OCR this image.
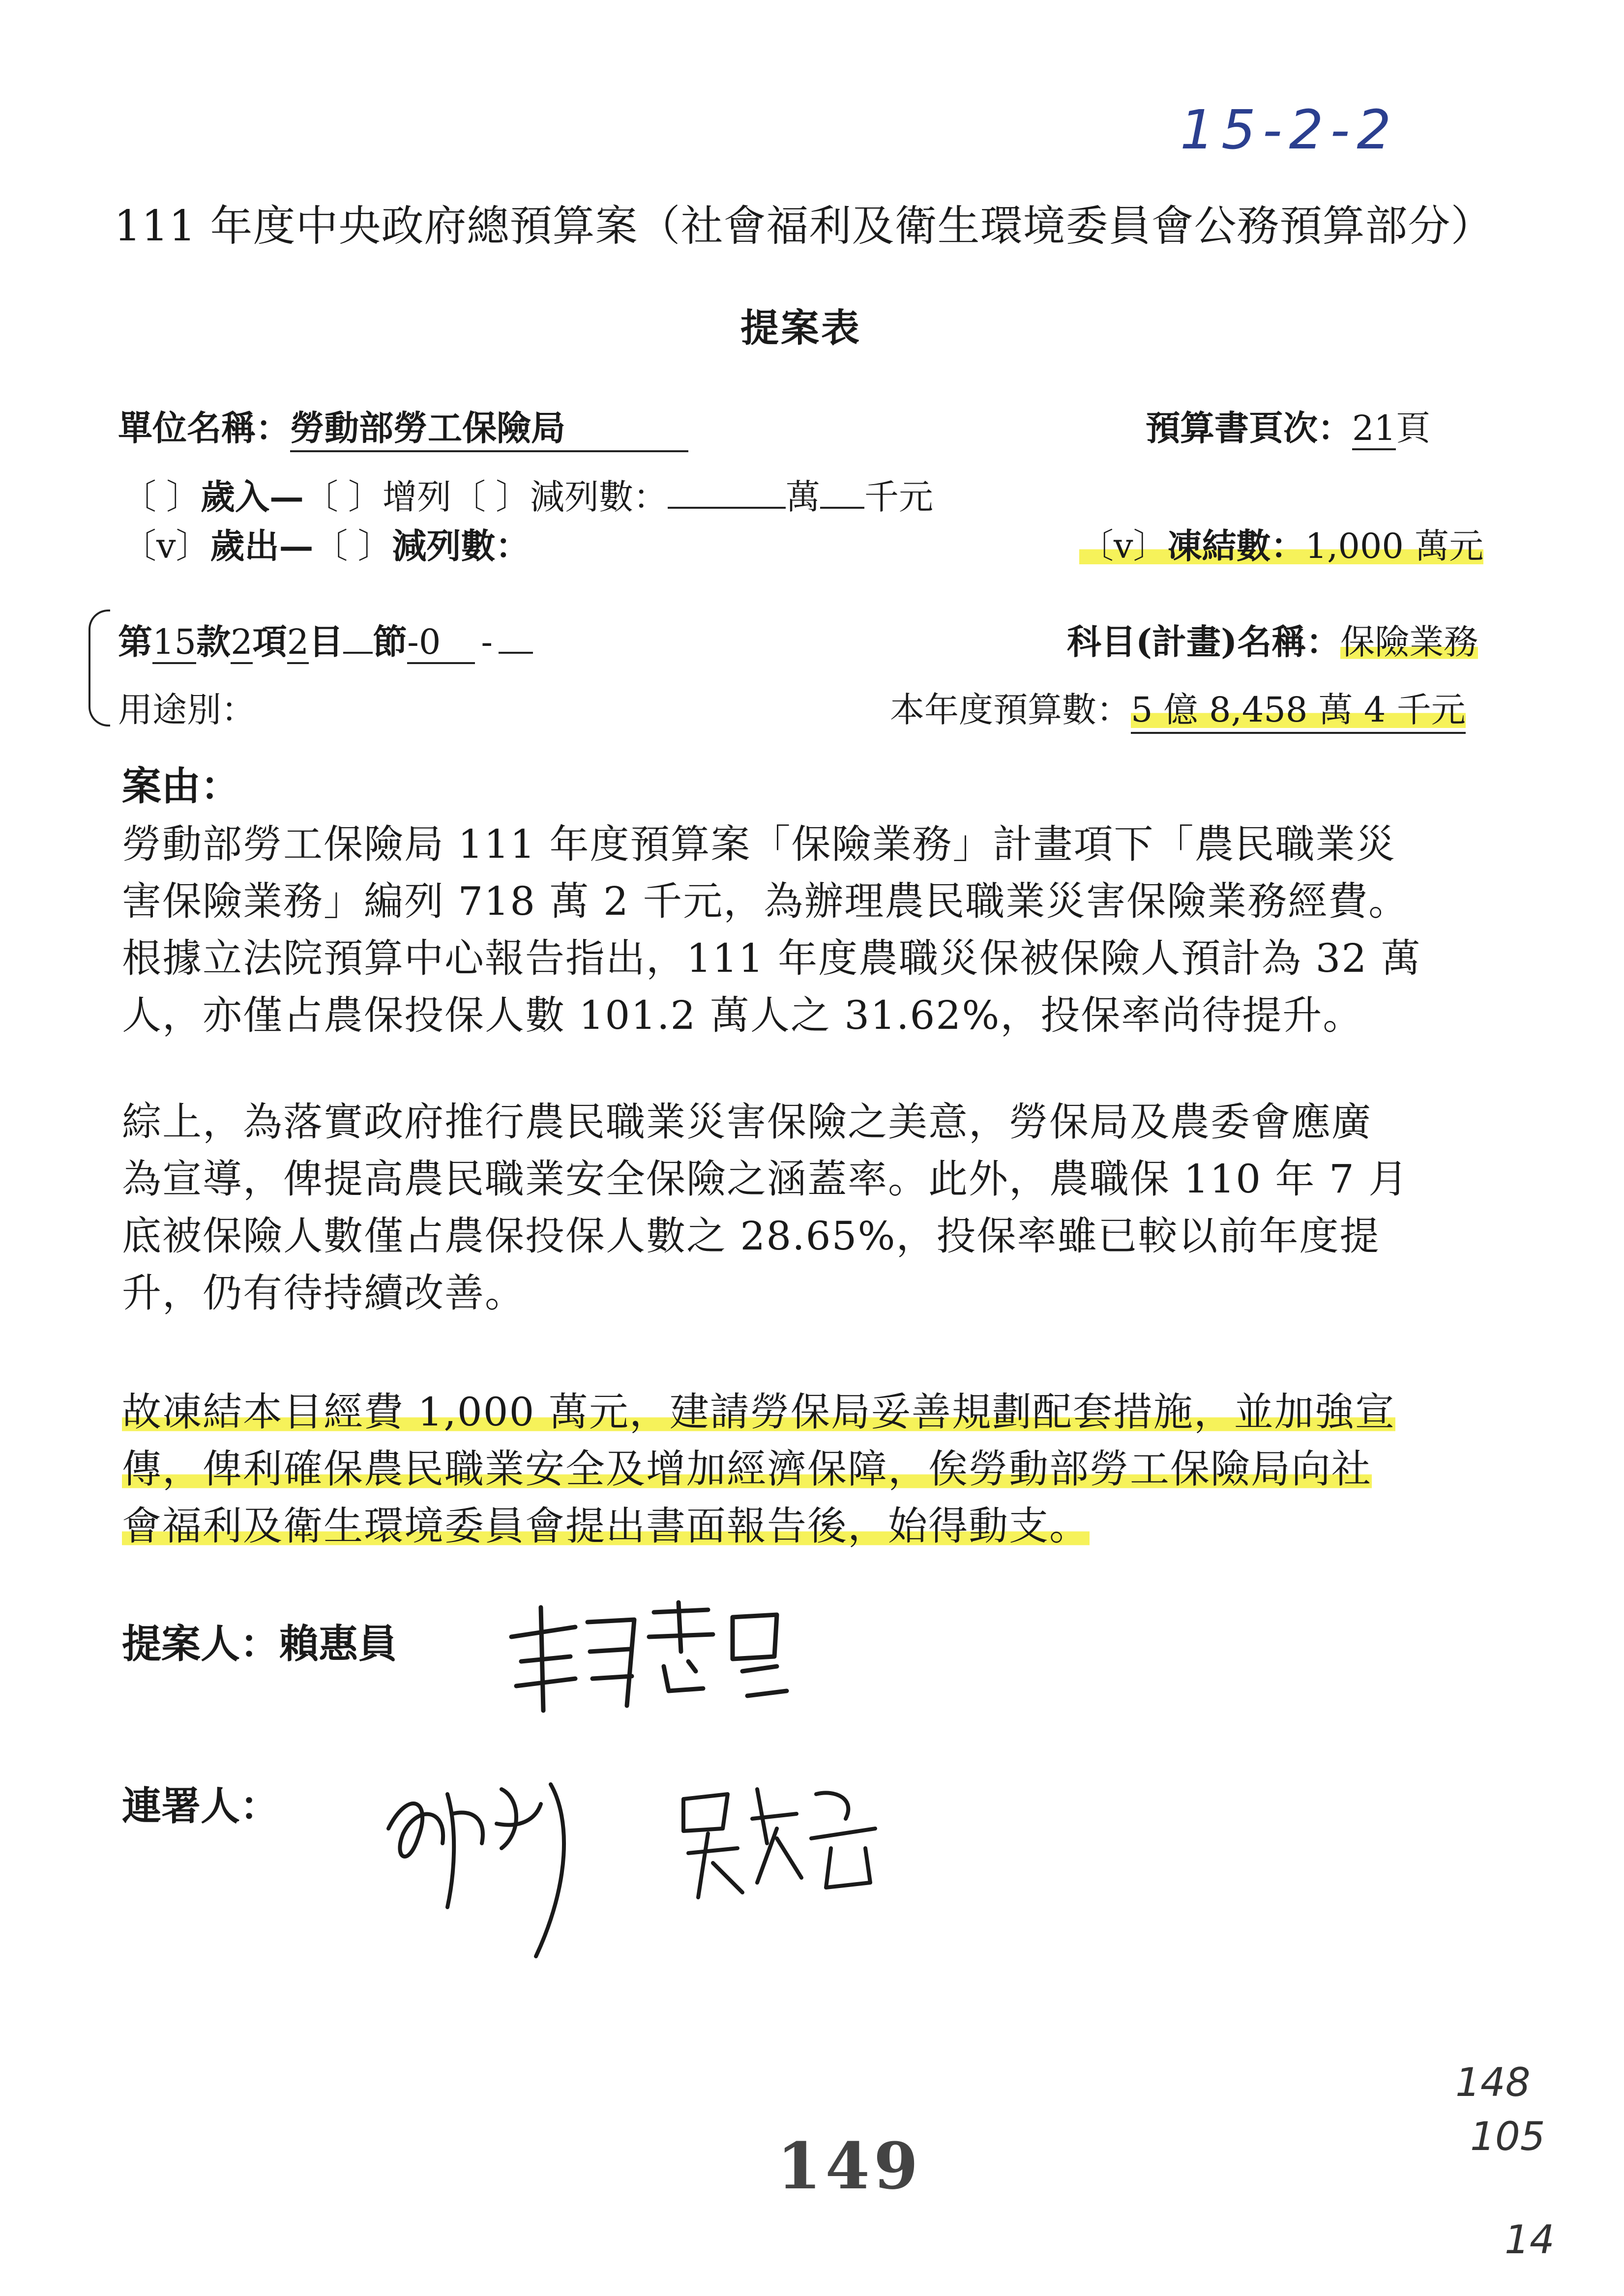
15-2-2
111 年度中央政府總預算案（社會福利及衛生環境委員會公務預算部分）
提案表
單位名稱：勞動部勞工保險局	預算書頁次：21頁
〔 〕歲入—〔 〕增列〔 〕減列數：	萬 千元
〔v〕歲出—〔 〕減列數：	〔v〕凍結數：1,000 萬元
第15款2項2目 節-0 -	科目(計畫)名稱：保險業務
用途別：	本年度預算數：5 億 8,458 萬 4 千元
案由：
勞動部勞工保險局 111 年度預算案「保險業務」計畫項下「農民職業災
害保險業務」編列 718 萬 2 千元，為辦理農民職業災害保險業務經費。
根據立法院預算中心報告指出，111 年度農職災保被保險人預計為 32 萬
人，亦僅占農保投保人數 101.2 萬人之 31.62%，投保率尚待提升。
綜上，為落實政府推行農民職業災害保險之美意，勞保局及農委會應廣
為宣導，俾提高農民職業安全保險之涵蓋率。此外，農職保 110 年 7 月
底被保險人數僅占農保投保人數之 28.65%，投保率雖已較以前年度提
升，仍有待持續改善。
故凍結本目經費 1,000 萬元，建請勞保局妥善規劃配套措施，並加強宣
傳，俾利確保農民職業安全及增加經濟保障，俟勞動部勞工保險局向社
會福利及衛生環境委員會提出書面報告後，始得動支。
提案人：賴惠員
連署人：
149
148
105
14
